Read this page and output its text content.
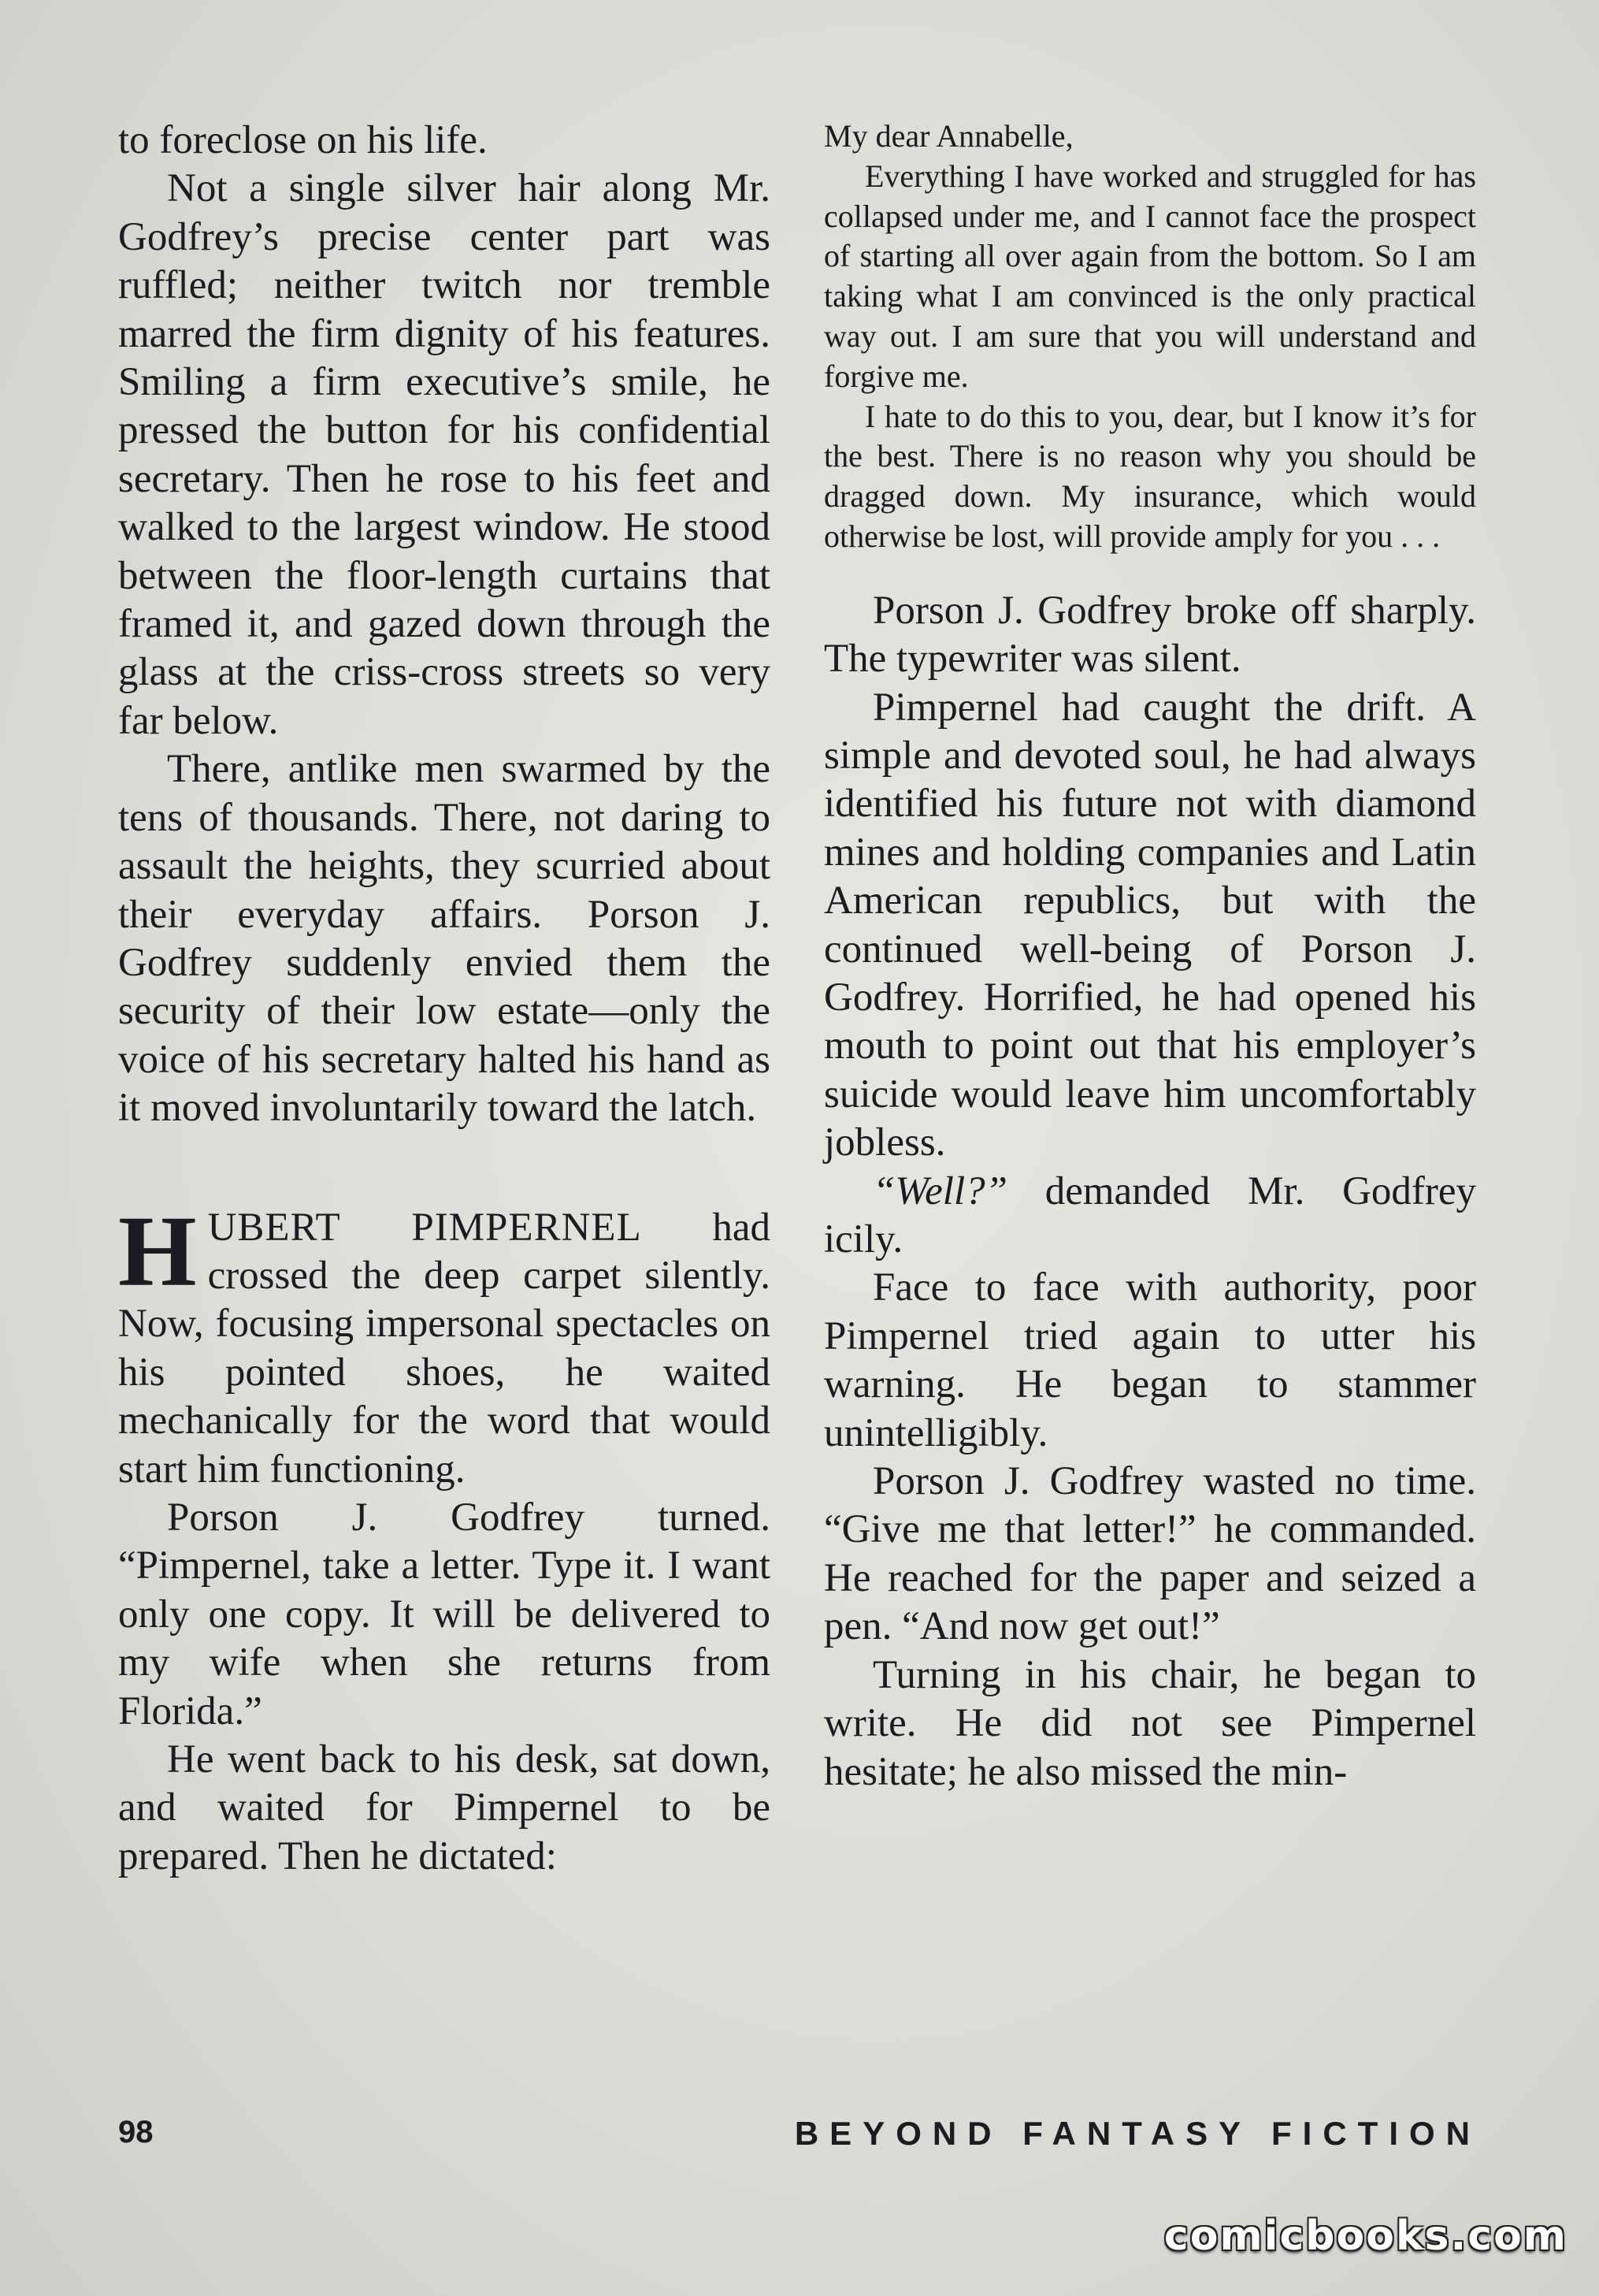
to foreclose on his life.

Not a single silver hair along Mr. Godfrey’s precise center part was ruffled; neither twitch nor tremble marred the firm dignity of his features. Smiling a firm executive’s smile, he pressed the button for his confidential secretary. Then he rose to his feet and walked to the largest window. He stood between the floor-length curtains that framed it, and gazed down through the glass at the criss-cross streets so very far below.

There, antlike men swarmed by the tens of thousands. There, not daring to assault the heights, they scurried about their everyday affairs. Porson J. Godfrey suddenly envied them the security of their low estate—only the voice of his secretary halted his hand as it moved involuntarily toward the latch.

HUBERT PIMPERNEL had crossed the deep carpet silently. Now, focusing impersonal spectacles on his pointed shoes, he waited mechanically for the word that would start him functioning.

Porson J. Godfrey turned. “Pimpernel, take a letter. Type it. I want only one copy. It will be delivered to my wife when she returns from Florida.”

He went back to his desk, sat down, and waited for Pimpernel to be prepared. Then he dictated:

My dear Annabelle,

Everything I have worked and struggled for has collapsed under me, and I cannot face the prospect of starting all over again from the bottom. So I am taking what I am convinced is the only practical way out. I am sure that you will understand and forgive me.

I hate to do this to you, dear, but I know it’s for the best. There is no reason why you should be dragged down. My insurance, which would otherwise be lost, will provide amply for you . . .

Porson J. Godfrey broke off sharply. The typewriter was silent.

Pimpernel had caught the drift. A simple and devoted soul, he had always identified his future not with diamond mines and holding companies and Latin American republics, but with the continued well-being of Porson J. Godfrey. Horrified, he had opened his mouth to point out that his employer’s suicide would leave him uncomfortably jobless.

“Well?” demanded Mr. Godfrey icily.

Face to face with authority, poor Pimpernel tried again to utter his warning. He began to stammer unintelligibly.

Porson J. Godfrey wasted no time. “Give me that letter!” he commanded. He reached for the paper and seized a pen. “And now get out!”

Turning in his chair, he began to write. He did not see Pimpernel hesitate; he also missed the min-

98	BEYOND FANTASY FICTION
comicbooks.com
